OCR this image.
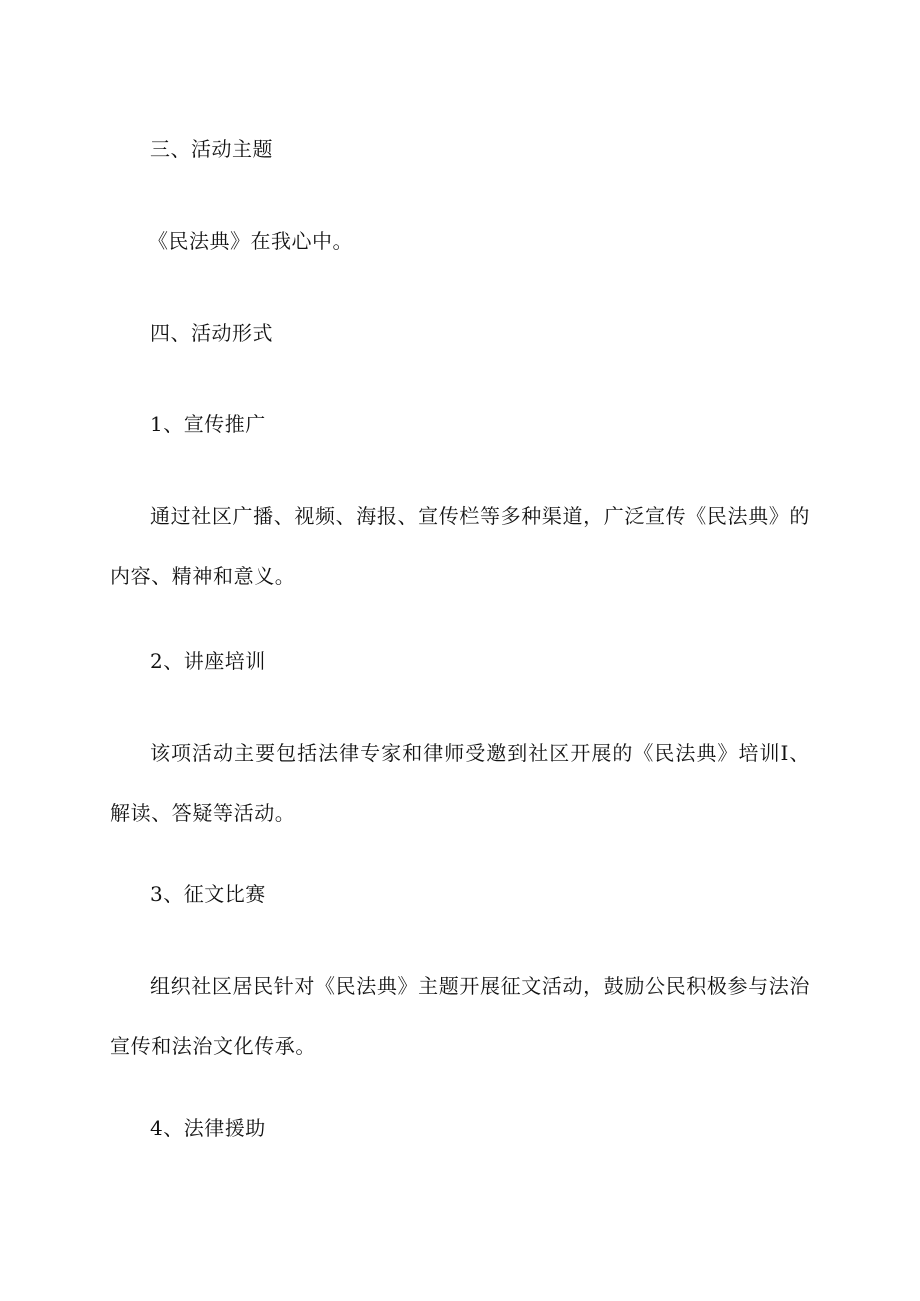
三、活动主题
《民法典》在我心中。
四、活动形式
1、宣传推广
通过社区广播、视频、海报、宣传栏等多种渠道，广泛宣传《民法典》的内容、精神和意义。
2、讲座培训
该项活动主要包括法律专家和律师受邀到社区开展的《民法典》培训I、解读、答疑等活动。
3、征文比赛
组织社区居民针对《民法典》主题开展征文活动，鼓励公民积极参与法治宣传和法治文化传承。
4、法律援助
